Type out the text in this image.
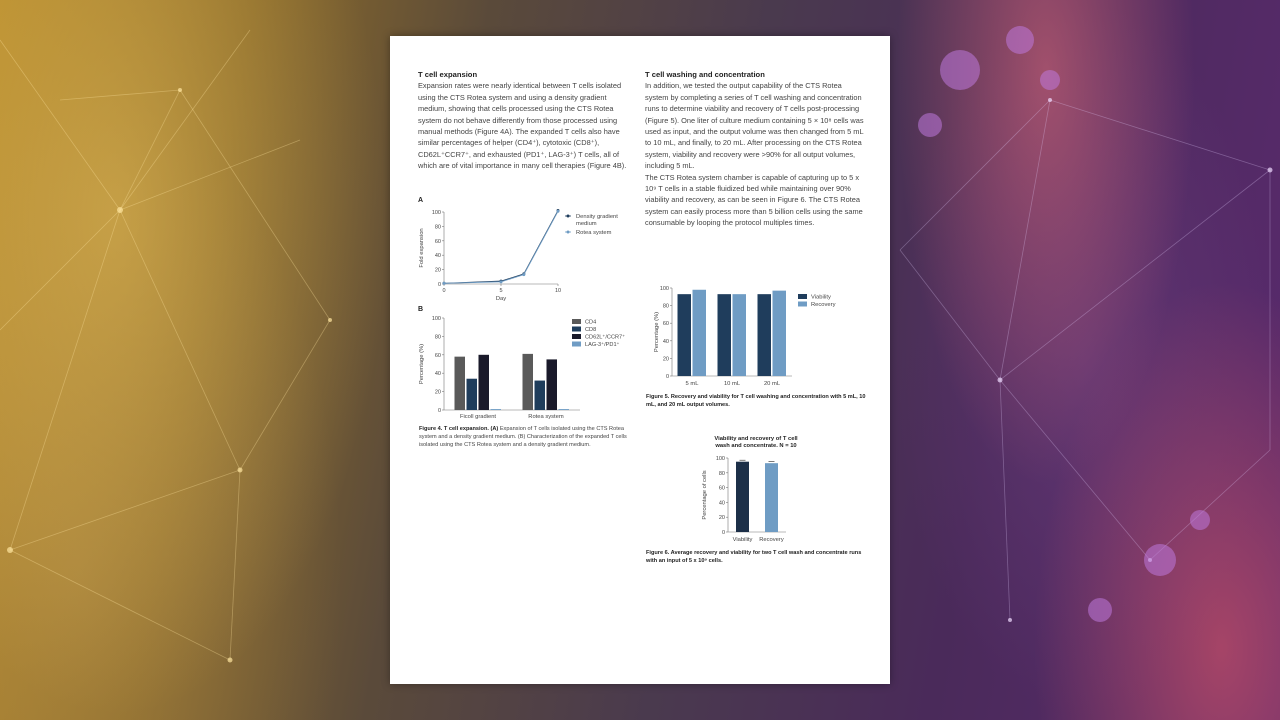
T cell expansion
Expansion rates were nearly identical between T cells isolated using the CTS Rotea system and using a density gradient medium, showing that cells processed using the CTS Rotea system do not behave differently from those processed using manual methods (Figure 4A). The expanded T cells also have similar percentages of helper (CD4⁺), cytotoxic (CD8⁺), CD62L⁺CCR7⁺, and exhausted (PD1⁺, LAG-3⁺) T cells, all of which are of vital importance in many cell therapies (Figure 4B).
T cell washing and concentration
In addition, we tested the output capability of the CTS Rotea system by completing a series of T cell washing and concentration runs to determine viability and recovery of T cells post-processing (Figure 5). One liter of culture medium containing 5 × 10⁸ cells was used as input, and the output volume was then changed from 5 mL to 10 mL, and finally, to 20 mL. After processing on the CTS Rotea system, viability and recovery were >90% for all output volumes, including 5 mL.
The CTS Rotea system chamber is capable of capturing up to 5 x 10⁹ T cells in a stable fluidized bed while maintaining over 90% viability and recovery, as can be seen in Figure 6. The CTS Rotea system can easily process more than 5 billion cells using the same consumable by looping the protocol multiples times.
A
B
0
20
40
60
80
100
Fold expansion
0	5	10
Day
Density gradient
medium
Rotea system
0
20
40
60
80
100
Percentage (%)
Ficoll gradient	Rotea system
CD4
CD8
CD62L⁺/CCR7⁺
LAG-3⁺/PD1⁺
Figure 4. T cell expansion. (A) Expansion of T cells isolated using the CTS Rotea system and a density gradient medium. (B) Characterization of the expanded T cells isolated using the CTS Rotea system and a density gradient medium.
0
20
40
60
80
100
Percentage (%)
5 mL	10 mL	20 mL
Viability
Recovery
Figure 5. Recovery and viability for T cell washing and concentration with 5 mL, 10 mL, and 20 mL output volumes.
Viability and recovery of T cell
wash and concentrate. N = 10
0
20
40
60
80
100
Percentage of cells
Viability Recovery
Figure 6. Average recovery and viability for two T cell wash and concentrate runs with an input of 5 x 10⁹ cells.
